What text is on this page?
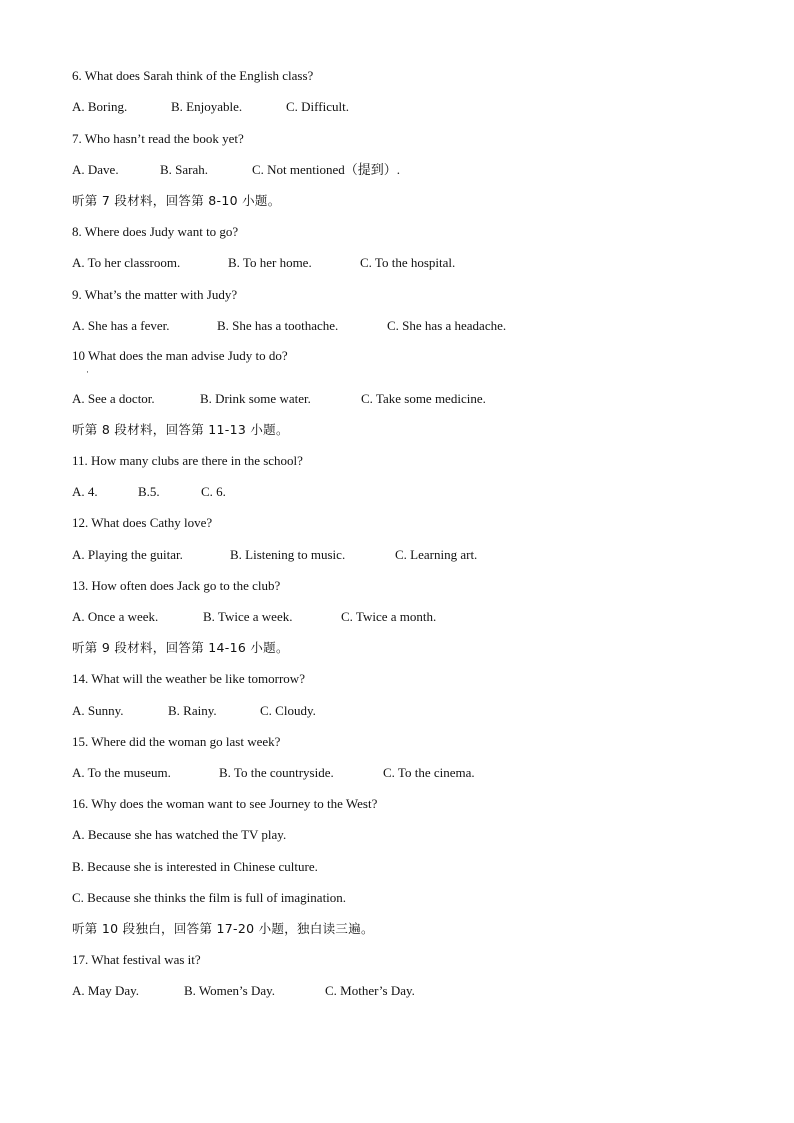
6. What does Sarah think of the English class?
A. Boring.	B. Enjoyable.	C. Difficult.
7. Who hasn’t read the book yet?
A. Dave.	B. Sarah.	C. Not mentioned（提到）.
听第 7 段材料，回答第 8-10 小题。
8. Where does Judy want to go?
A. To her classroom.	B. To her home.	C. To the hospital.
9. What’s the matter with Judy?
A. She has a fever.	B. She has a toothache.	C. She has a headache.
10 What does the man advise Judy to do?
·
A. See a doctor.	B. Drink some water.	C. Take some medicine.
听第 8 段材料，回答第 11-13 小题。
11. How many clubs are there in the school?
A. 4.	B.5.	C. 6.
12. What does Cathy love?
A. Playing the guitar.	B. Listening to music.	C. Learning art.
13. How often does Jack go to the club?
A. Once a week.	B. Twice a week.	C. Twice a month.
听第 9 段材料，回答第 14-16 小题。
14. What will the weather be like tomorrow?
A. Sunny.	B. Rainy.	C. Cloudy.
15. Where did the woman go last week?
A. To the museum.	B. To the countryside.	C. To the cinema.
16. Why does the woman want to see Journey to the West?
A. Because she has watched the TV play.
B. Because she is interested in Chinese culture.
C. Because she thinks the film is full of imagination.
听第 10 段独白，回答第 17-20 小题，独白读三遍。
17. What festival was it?
A. May Day.	B. Women’s Day.	C. Mother’s Day.
